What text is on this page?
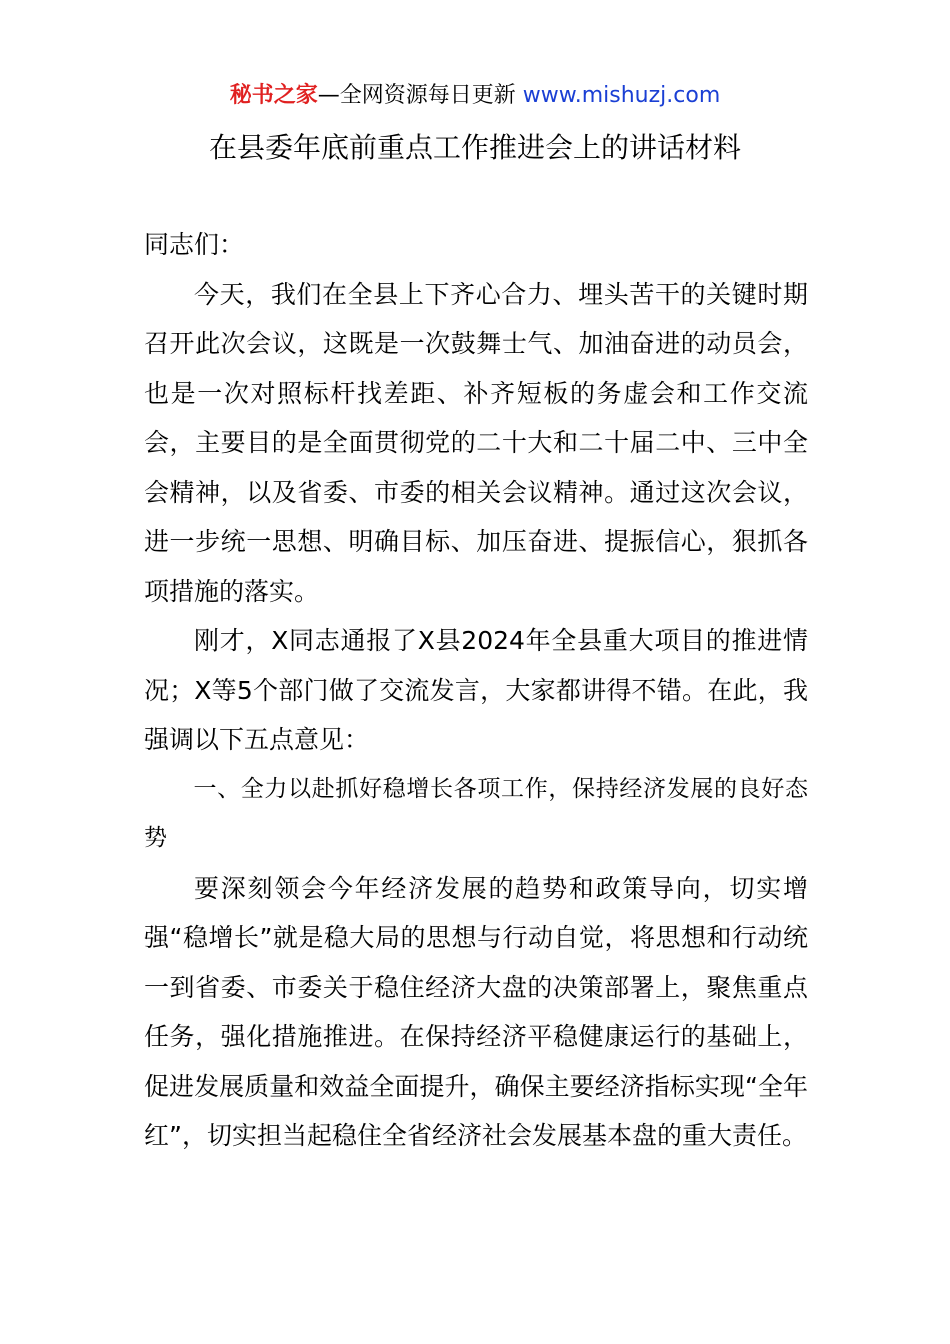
秘书之家—全网资源每日更新 www.mishuzj.com
在县委年底前重点工作推进会上的讲话材料

同志们：

今天，我们在全县上下齐心合力、埋头苦干的关键时期召开此次会议，这既是一次鼓舞士气、加油奋进的动员会，也是一次对照标杆找差距、补齐短板的务虚会和工作交流会，主要目的是全面贯彻党的二十大和二十届二中、三中全会精神，以及省委、市委的相关会议精神。通过这次会议，进一步统一思想、明确目标、加压奋进、提振信心，狠抓各项措施的落实。

刚才，X同志通报了X县2024年全县重大项目的推进情况；X等5个部门做了交流发言，大家都讲得不错。在此，我强调以下五点意见：

一、全力以赴抓好稳增长各项工作，保持经济发展的良好态势

要深刻领会今年经济发展的趋势和政策导向，切实增强“稳增长”就是稳大局的思想与行动自觉，将思想和行动统一到省委、市委关于稳住经济大盘的决策部署上，聚焦重点任务，强化措施推进。在保持经济平稳健康运行的基础上，促进发展质量和效益全面提升，确保主要经济指标实现“全年红”，切实担当起稳住全省经济社会发展基本盘的重大责任。
